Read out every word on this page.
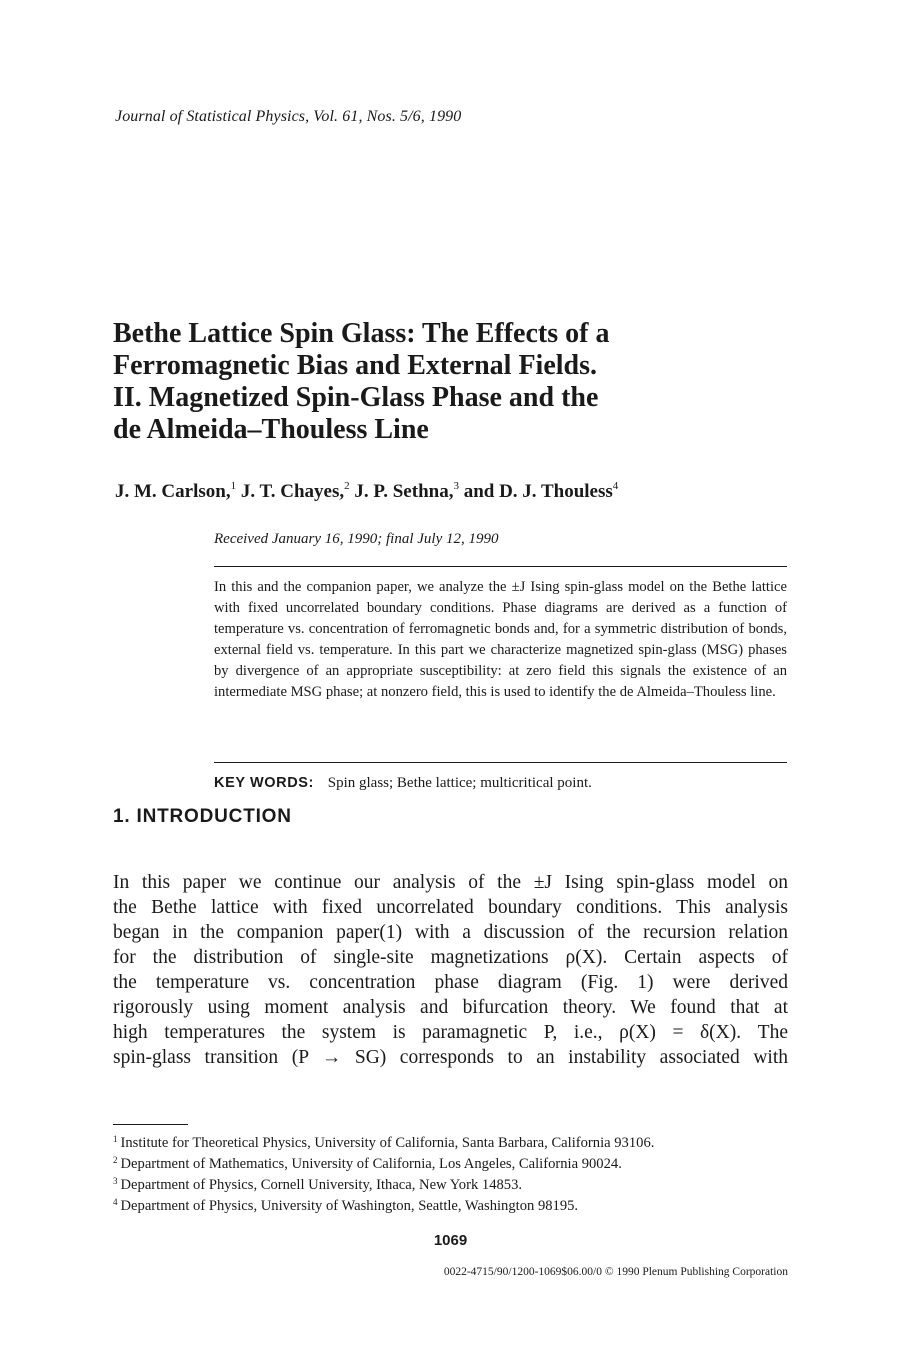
Journal of Statistical Physics, Vol. 61, Nos. 5/6, 1990
Bethe Lattice Spin Glass: The Effects of a
Ferromagnetic Bias and External Fields.
II. Magnetized Spin-Glass Phase and the
de Almeida–Thouless Line
J. M. Carlson,$^1$ J. T. Chayes,$^2$ J. P. Sethna,$^3$ and D. J. Thouless$^4$
Received January 16, 1990; final July 12, 1990

In this and the companion paper, we analyze the ±J Ising spin-glass model on the Bethe lattice with fixed uncorrelated boundary conditions. Phase diagrams are derived as a function of temperature vs. concentration of ferromagnetic bonds and, for a symmetric distribution of bonds, external field vs. temperature. In this part we characterize magnetized spin-glass (MSG) phases by divergence of an appropriate susceptibility: at zero field this signals the existence of an intermediate MSG phase; at nonzero field, this is used to identify the de Almeida–Thouless line.

KEY WORDS: Spin glass; Bethe lattice; multicritical point.
1. INTRODUCTION
In this paper we continue our analysis of the ±J Ising spin-glass model on
the Bethe lattice with fixed uncorrelated boundary conditions. This analysis
began in the companion paper(1) with a discussion of the recursion relation
for the distribution of single-site magnetizations ρ(X). Certain aspects of
the temperature vs. concentration phase diagram (Fig. 1) were derived
rigorously using moment analysis and bifurcation theory. We found that at
high temperatures the system is paramagnetic P, i.e., ρ(X) = δ(X). The
spin-glass transition (P → SG) corresponds to an instability associated with
$^1$ Institute for Theoretical Physics, University of California, Santa Barbara, California 93106.
$^2$ Department of Mathematics, University of California, Los Angeles, California 90024.
$^3$ Department of Physics, Cornell University, Ithaca, New York 14853.
$^4$ Department of Physics, University of Washington, Seattle, Washington 98195.
1069
0022-4715/90/1200-1069$06.00/0 © 1990 Plenum Publishing Corporation
